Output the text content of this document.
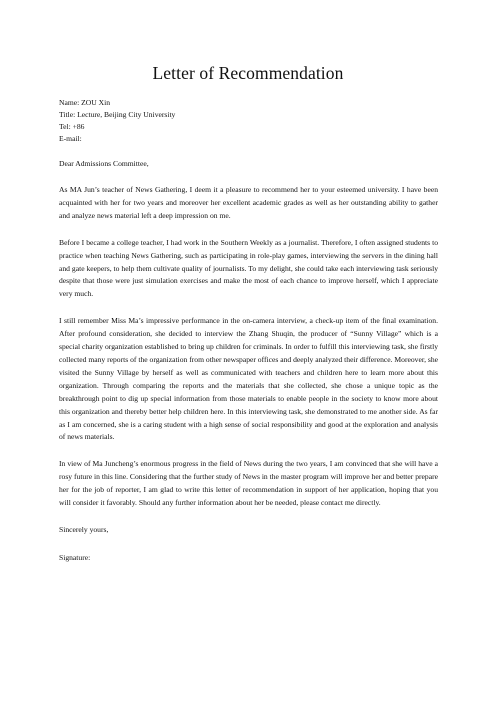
Letter of Recommendation
Name: ZOU Xin
Title: Lecture, Beijing City University
Tel: +86
E-mail:
Dear Admissions Committee,

As MA Jun’s teacher of News Gathering, I deem it a pleasure to recommend her to your esteemed university. I have been acquainted with her for two years and moreover her excellent academic grades as well as her outstanding ability to gather and analyze news material left a deep impression on me.

Before I became a college teacher, I had work in the Southern Weekly as a journalist. Therefore, I often assigned students to practice when teaching News Gathering, such as participating in role-play games, interviewing the servers in the dining hall and gate keepers, to help them cultivate quality of journalists. To my delight, she could take each interviewing task seriously despite that those were just simulation exercises and make the most of each chance to improve herself, which I appreciate very much.

I still remember Miss Ma’s impressive performance in the on-camera interview, a check-up item of the final examination. After profound consideration, she decided to interview the Zhang Shuqin, the producer of “Sunny Village” which is a special charity organization established to bring up children for criminals. In order to fulfill this interviewing task, she firstly collected many reports of the organization from other newspaper offices and deeply analyzed their difference. Moreover, she visited the Sunny Village by herself as well as communicated with teachers and children here to learn more about this organization. Through comparing the reports and the materials that she collected, she chose a unique topic as the breakthrough point to dig up special information from those materials to enable people in the society to know more about this organization and thereby better help children here. In this interviewing task, she demonstrated to me another side. As far as I am concerned, she is a caring student with a high sense of social responsibility and good at the exploration and analysis of news materials.

In view of Ma Juncheng’s enormous progress in the field of News during the two years, I am convinced that she will have a rosy future in this line. Considering that the further study of News in the master program will improve her and better prepare her for the job of reporter, I am glad to write this letter of recommendation in support of her application, hoping that you will consider it favorably. Should any further information about her be needed, please contact me directly.

Sincerely yours,
Signature:
